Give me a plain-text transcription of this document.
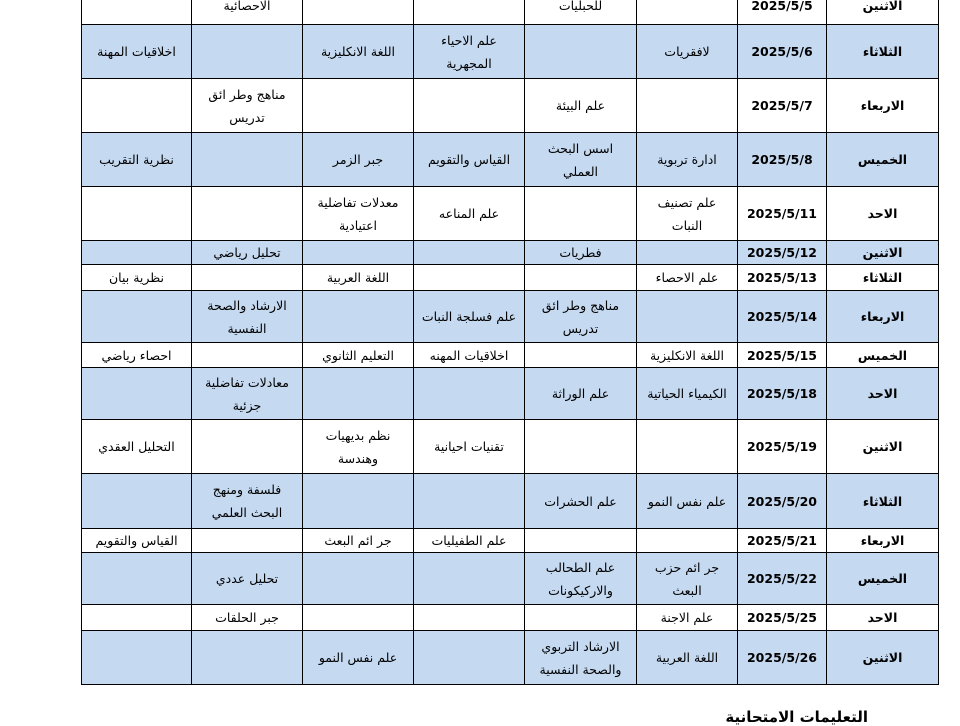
الاثنين	2025/5/5		للحبليات			الاحصائية	
الثلاثاء	2025/5/6	لافقريات		علم الاحياء المجهرية	اللغة الانكليزية		اخلاقيات المهنة
الاربعاء	2025/5/7		علم البيئة			مناهج وطر ائق تدريس	
الخميس	2025/5/8	ادارة تربوية	اسس البحث العملي	القياس والتقويم	جبر الزمر		نظرية التقريب
الاحد	2025/5/11	علم تصنيف النبات		علم المناعه	معدلات تفاضلية اعتيادية		
الاثنين	2025/5/12		فطريات			تحليل رياضي	
الثلاثاء	2025/5/13	علم الاحصاء			اللغة العربية		نظرية بيان
الاربعاء	2025/5/14		مناهج وطر ائق تدريس	علم فسلجة النبات		الارشاد والصحة النفسية	
الخميس	2025/5/15	اللغة الانكليزية		اخلاقيات المهنه	التعليم الثانوي		احصاء رياضي
الاحد	2025/5/18	الكيمياء الحياتية	علم الوراثة			معادلات تفاضلية جزئية	
الاثنين	2025/5/19			تقنيات احيانية	نظم بديهيات وهندسة		التحليل العقدي
الثلاثاء	2025/5/20	علم نفس النمو	علم الحشرات			فلسفة ومنهج البحث العلمي	
الاربعاء	2025/5/21			علم الطفيليات	جر ائم البعث		القياس والتقويم
الخميس	2025/5/22	جر ائم حزب البعث	علم الطحالب والاركيكونات			تحليل عددي	
الاحد	2025/5/25	علم الاجنة				جبر الحلقات	
الاثنين	2025/5/26	اللغة العربية	الارشاد التربوي والصحة النفسية		علم نفس النمو		
التعليمات الامتحانية
